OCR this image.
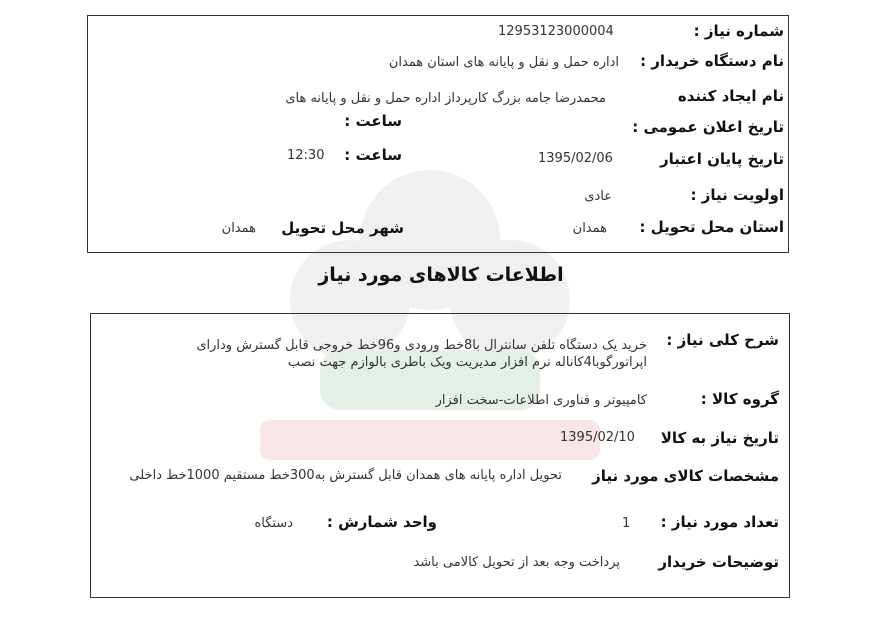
شماره نیاز :
12953123000004
نام دستگاه خریدار :
اداره حمل و نقل و پایانه های استان همدان
نام ایجاد کننده
محمدرضا جامه بزرگ کارپرداز اداره حمل و نقل و پایانه های
تاریخ اعلان عمومی :
ساعت :
تاریخ پایان اعتبار
1395/02/06
ساعت :
12:30
اولویت نیاز :
عادی
استان محل تحویل :
همدان
شهر محل تحویل
همدان
اطلاعات کالاهای مورد نیاز
شرح کلی نیاز :
خرید یک دستگاه تلفن سانترال با8خط ورودی و96خط خروجی قابل گسترش ودارای اپراتورگوبا4کاناله نرم افزار مدیریت ویک باطری بالوازم جهت نصب
گروه کالا :
کامپیوتر و فناوری اطلاعات-سخت افزار
تاریخ نیاز به کالا
1395/02/10
مشخصات کالای مورد نیاز
تحویل اداره پایانه های همدان قابل گسترش به300خط مستقیم 1000خط داخلی
تعداد مورد نیاز :
1
واحد شمارش :
دستگاه
توضیحات خریدار
پرداخت وجه بعد از تحویل کالامی باشد
